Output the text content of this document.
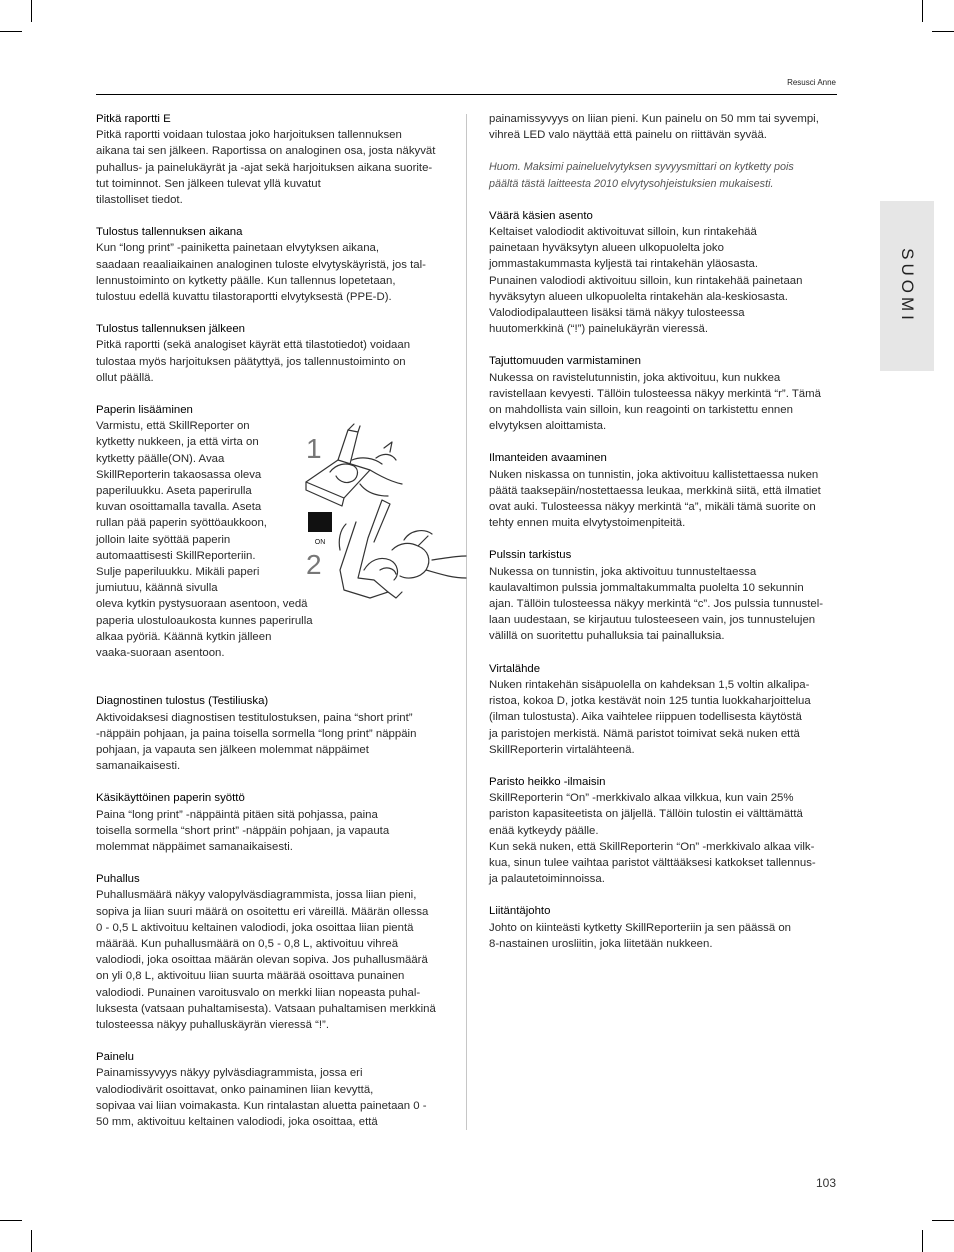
Resusci Anne
SUOMI
Pitkä raportti E

Pitkä raportti voidaan tulostaa joko harjoituksen tallennuksen
aikana tai sen jälkeen. Raportissa on analoginen osa, josta näkyvät
puhallus- ja painelukäyrät ja -ajat sekä harjoituksen aikana suorite-
tut toiminnot. Sen jälkeen tulevat yllä kuvatut
tilastolliset tiedot.

Tulostus tallennuksen aikana

Kun “long print” -painiketta painetaan elvytyksen aikana,
saadaan reaaliaikainen analoginen tuloste elvytyskäyristä, jos tal-
lennustoiminto on kytketty päälle. Kun tallennus lopetetaan,
tulostuu edellä kuvattu tilastoraportti elvytyksestä (PPE-D).

Tulostus tallennuksen jälkeen

Pitkä raportti (sekä analogiset käyrät että tilastotiedot) voidaan
tulostaa myös harjoituksen päätyttyä, jos tallennustoiminto on
ollut päällä.

Paperin lisääminen

Varmistu, että SkillReporter on
kytketty nukkeen, ja että virta on
kytketty päälle(ON). Avaa
SkillReporterin takaosassa oleva
paperiluukku. Aseta paperirulla
kuvan osoittamalla tavalla. Aseta
rullan pää paperin syöttöaukkoon,
jolloin laite syöttää paperin
automaattisesti SkillReporteriin.
Sulje paperiluukku. Mikäli paperi
jumiutuu, käännä sivulla

oleva kytkin pystysuoraan asentoon, vedä
paperia ulostuloaukosta kunnes paperirulla
alkaa pyöriä. Käännä kytkin jälleen
vaaka-suoraan asentoon.

Diagnostinen tulostus (Testiliuska)

Aktivoidaksesi diagnostisen testitulostuksen, paina “short print”
-näppäin pohjaan, ja paina toisella sormella “long print” näppäin
pohjaan, ja vapauta sen jälkeen molemmat näppäimet
samanaikaisesti.

Käsikäyttöinen paperin syöttö

Paina “long print” -näppäintä pitäen sitä pohjassa, paina
toisella sormella “short print” -näppäin pohjaan, ja vapauta
molemmat näppäimet samanaikaisesti.

Puhallus

Puhallusmäärä näkyy valopylväsdiagrammista, jossa liian pieni,
sopiva ja liian suuri määrä on osoitettu eri väreillä. Määrän ollessa
0 - 0,5 L aktivoituu keltainen valodiodi, joka osoittaa liian pientä
määrää. Kun puhallusmäärä on 0,5 - 0,8 L, aktivoituu vihreä
valodiodi, joka osoittaa määrän olevan sopiva. Jos puhallusmäärä
on yli 0,8 L, aktivoituu liian suurta määrää osoittava punainen
valodiodi. Punainen varoitusvalo on merkki liian nopeasta puhal-
luksesta (vatsaan puhaltamisesta). Vatsaan puhaltamisen merkkinä
tulosteessa näkyy puhalluskäyrän vieressä “!”.

Painelu

Painamissyvyys näkyy pylväsdiagrammista, jossa eri
valodiodivärit osoittavat, onko painaminen liian kevyttä,
sopivaa vai liian voimakasta. Kun rintalastan aluetta painetaan 0 -
50 mm, aktivoituu keltainen valodiodi, joka osoittaa, että

ON
1
2

painamissyvyys on liian pieni. Kun painelu on 50 mm tai syvempi,
vihreä LED valo näyttää että painelu on riittävän syvää.

Huom. Maksimi paineluelvytyksen syvyysmittari on kytketty pois
päältä tästä laitteesta 2010 elvytysohjeistuksien mukaisesti.

Väärä käsien asento

Keltaiset valodiodit aktivoituvat silloin, kun rintakehää
painetaan hyväksytyn alueen ulkopuolelta joko
jommastakummasta kyljestä tai rintakehän yläosasta.
Punainen valodiodi aktivoituu silloin, kun rintakehää painetaan
hyväksytyn alueen ulkopuolelta rintakehän ala-keskiosasta.
Valodiodipalautteen lisäksi tämä näkyy tulosteessa
huutomerkkinä (“!”) painelukäyrän vieressä.

Tajuttomuuden varmistaminen

Nukessa on ravistelutunnistin, joka aktivoituu, kun nukkea
ravistellaan kevyesti. Tällöin tulosteessa näkyy merkintä “r”. Tämä
on mahdollista vain silloin, kun reagointi on tarkistettu ennen
elvytyksen aloittamista.

Ilmanteiden avaaminen

Nuken niskassa on tunnistin, joka aktivoituu kallistettaessa nuken
päätä taaksepäin/nostettaessa leukaa, merkkinä siitä, että ilmatiet
ovat auki. Tulosteessa näkyy merkintä “a”, mikäli tämä suorite on
tehty ennen muita elvytystoimenpiteitä.

Pulssin tarkistus

Nukessa on tunnistin, joka aktivoituu tunnusteltaessa
kaulavaltimon pulssia jommaltakummalta puolelta 10 sekunnin
ajan. Tällöin tulosteessa näkyy merkintä “c”. Jos pulssia tunnustel-
laan uudestaan, se kirjautuu tulosteeseen vain, jos tunnustelujen
välillä on suoritettu puhalluksia tai painalluksia.

Virtalähde

Nuken rintakehän sisäpuolella on kahdeksan 1,5 voltin alkalipa-
ristoa, kokoa D, jotka kestävät noin 125 tuntia luokkaharjoittelua
(ilman tulostusta). Aika vaihtelee riippuen todellisesta käytöstä
ja paristojen merkistä. Nämä paristot toimivat sekä nuken että
SkillReporterin virtalähteenä.

Paristo heikko -ilmaisin

SkillReporterin “On” -merkkivalo alkaa vilkkua, kun vain 25%
pariston kapasiteetista on jäljellä. Tällöin tulostin ei välttämättä
enää kytkeydy päälle.
Kun sekä nuken, että SkillReporterin “On” -merkkivalo alkaa vilk-
kua, sinun tulee vaihtaa paristot välttääksesi katkokset tallennus-
ja palautetoiminnoissa.

Liitäntäjohto

Johto on kiinteästi kytketty SkillReporteriin ja sen päässä on
8-nastainen urosliitin, joka liitetään nukkeen.

103
